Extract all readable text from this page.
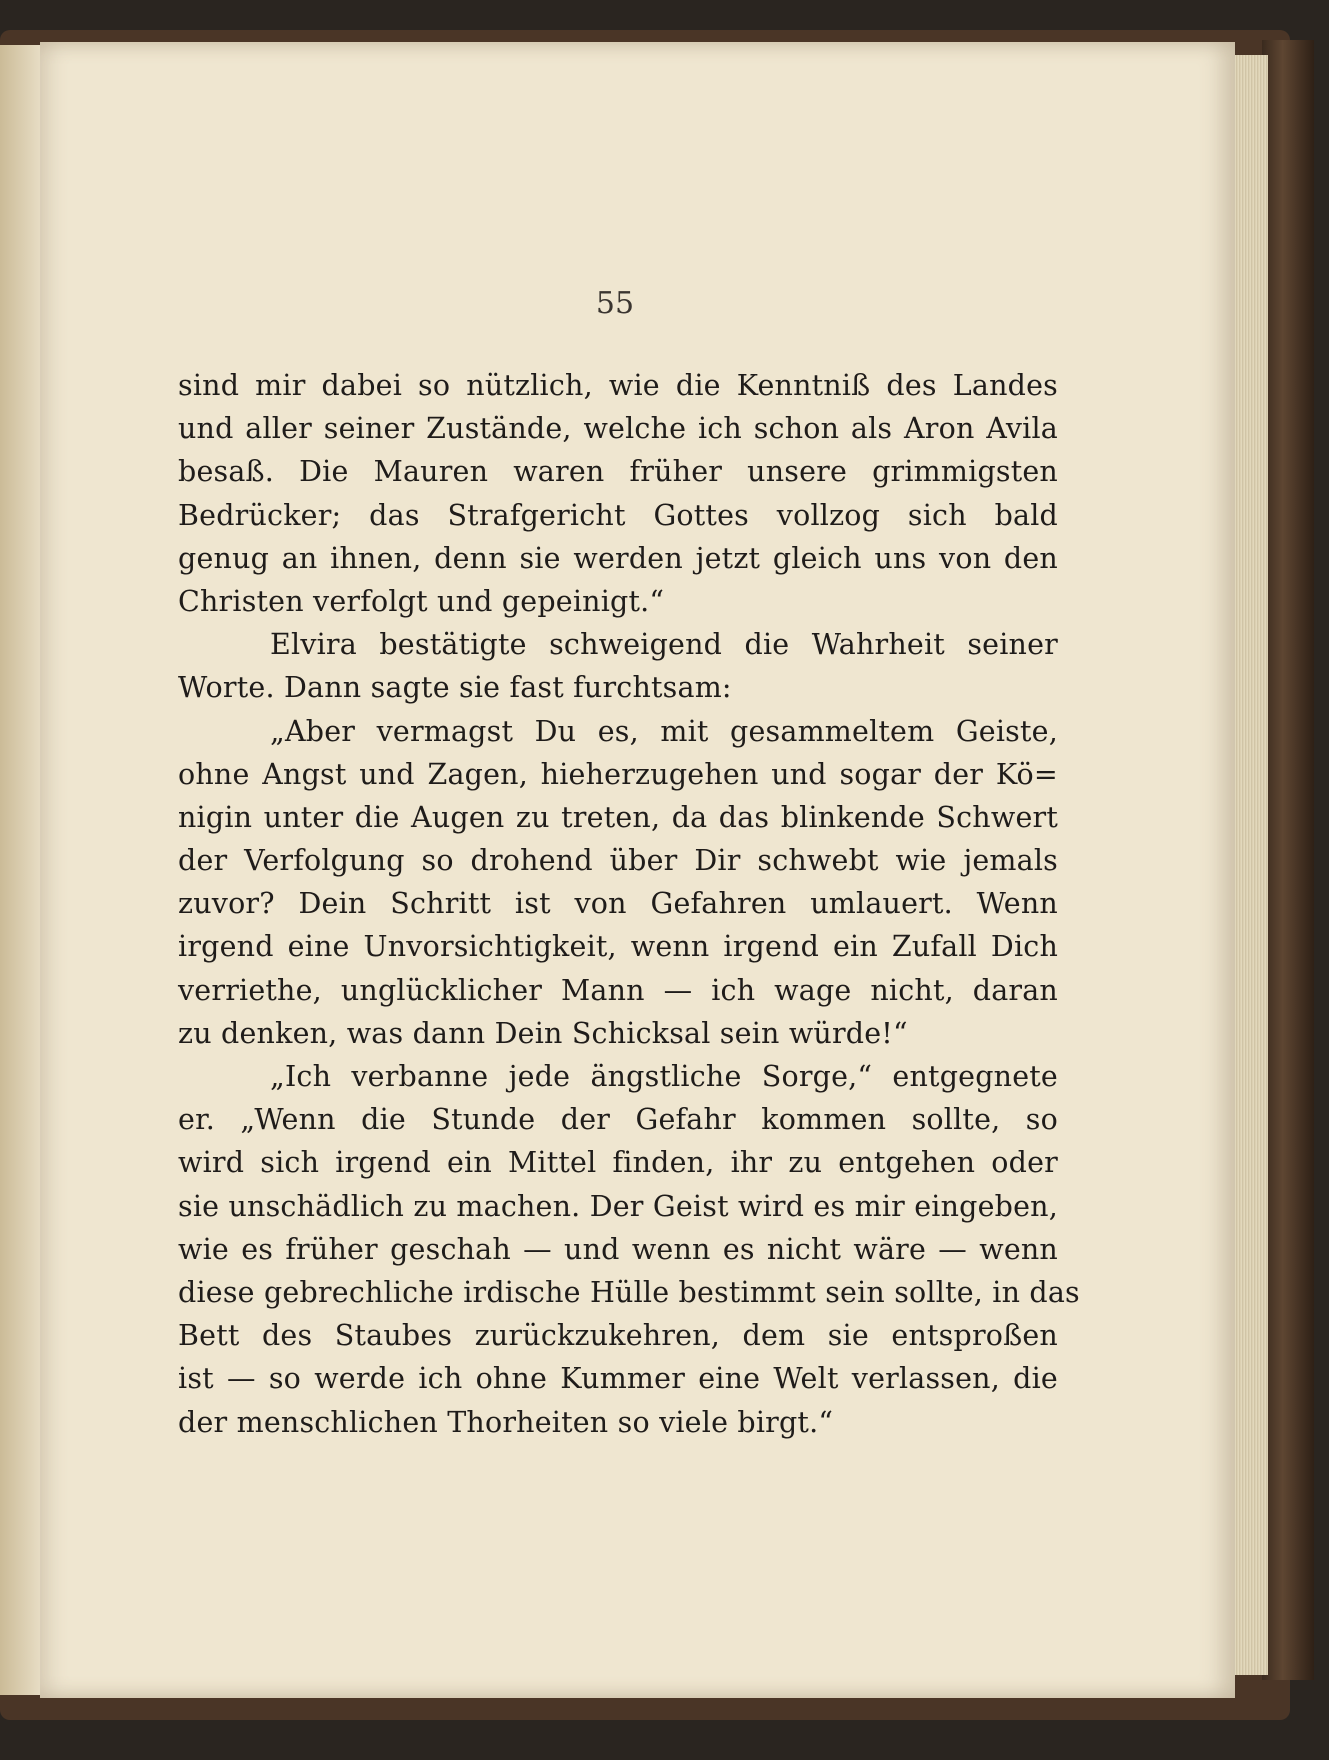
55
sind mir dabei so nützlich, wie die Kenntniß des Landes
und aller seiner Zustände, welche ich schon als Aron Avila
besaß. Die Mauren waren früher unsere grimmigsten
Bedrücker; das Strafgericht Gottes vollzog sich bald
genug an ihnen, denn sie werden jetzt gleich uns von den
Christen verfolgt und gepeinigt.“
Elvira bestätigte schweigend die Wahrheit seiner
Worte. Dann sagte sie fast furchtsam:
„Aber vermagst Du es, mit gesammeltem Geiste,
ohne Angst und Zagen, hieherzugehen und sogar der Kö=
nigin unter die Augen zu treten, da das blinkende Schwert
der Verfolgung so drohend über Dir schwebt wie jemals
zuvor? Dein Schritt ist von Gefahren umlauert. Wenn
irgend eine Unvorsichtigkeit, wenn irgend ein Zufall Dich
verriethe, unglücklicher Mann — ich wage nicht, daran
zu denken, was dann Dein Schicksal sein würde!“
„Ich verbanne jede ängstliche Sorge,“ entgegnete
er. „Wenn die Stunde der Gefahr kommen sollte, so
wird sich irgend ein Mittel finden, ihr zu entgehen oder
sie unschädlich zu machen. Der Geist wird es mir eingeben,
wie es früher geschah — und wenn es nicht wäre — wenn
diese gebrechliche irdische Hülle bestimmt sein sollte, in das
Bett des Staubes zurückzukehren, dem sie entsproßen
ist — so werde ich ohne Kummer eine Welt verlassen, die
der menschlichen Thorheiten so viele birgt.“
